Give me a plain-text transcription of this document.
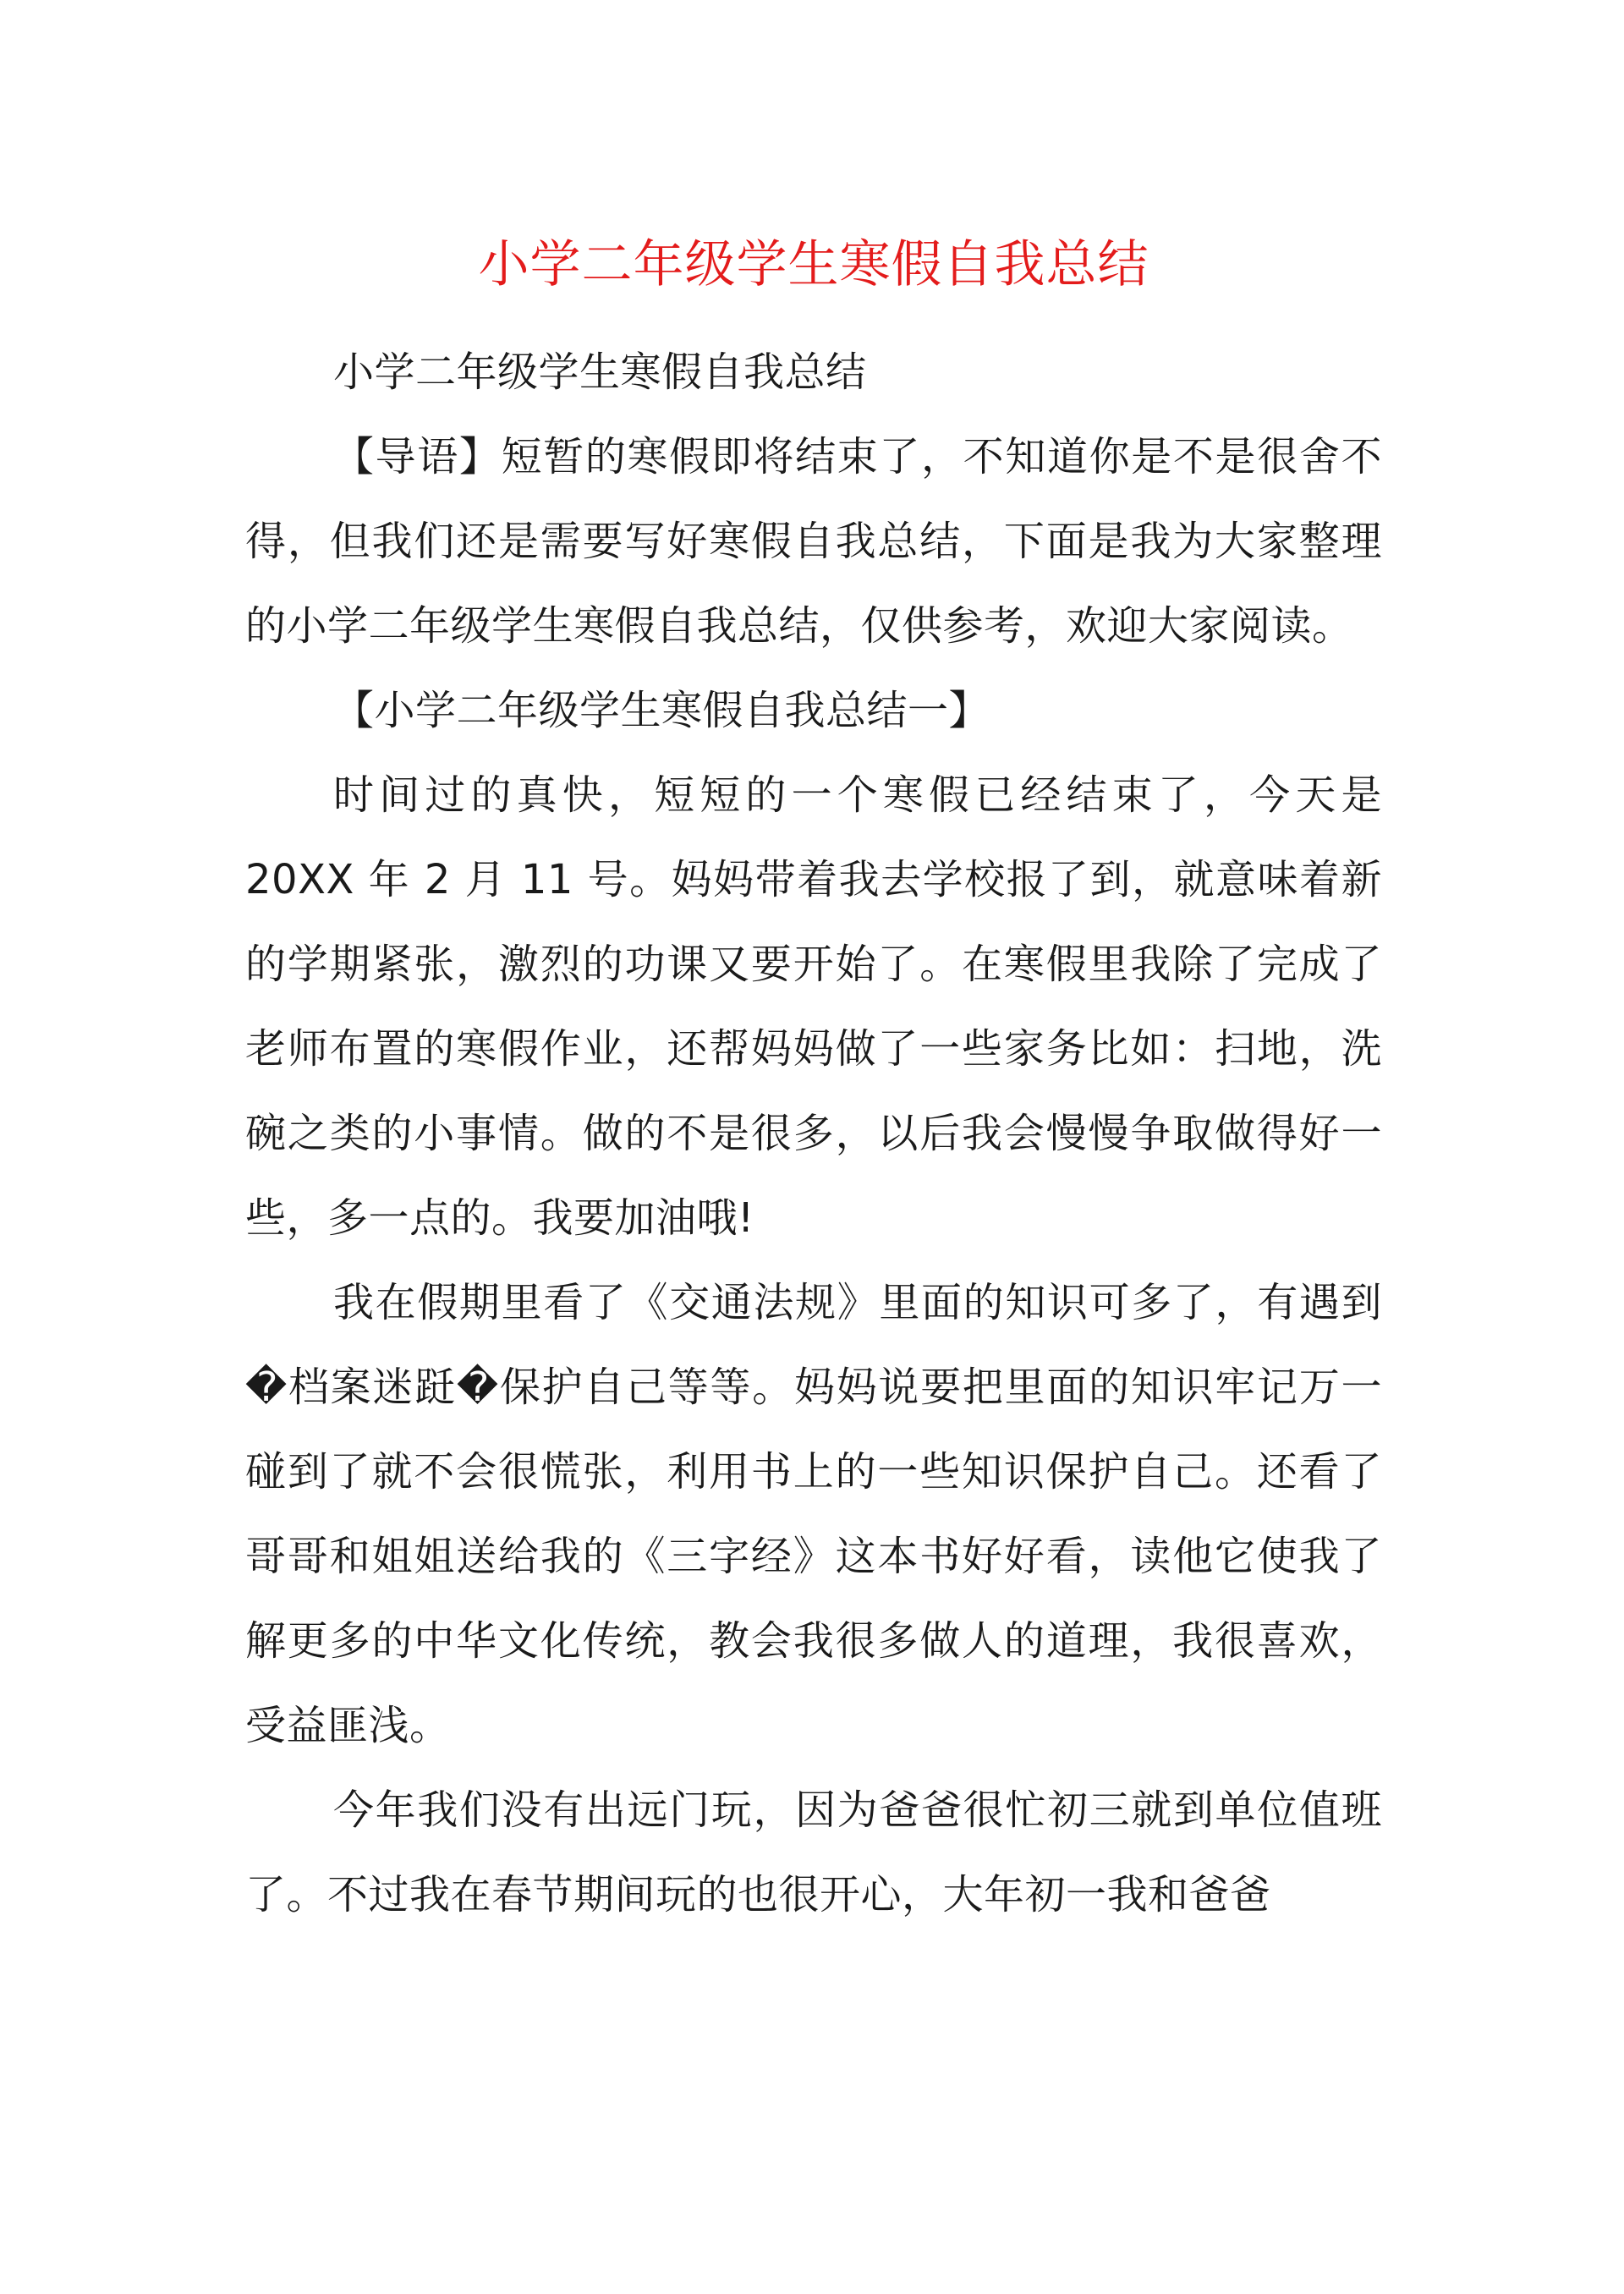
小学二年级学生寒假自我总结

小学二年级学生寒假自我总结

【导语】短暂的寒假即将结束了，不知道你是不是很舍不得，但我们还是需要写好寒假自我总结，下面是我为大家整理的小学二年级学生寒假自我总结，仅供参考，欢迎大家阅读。

【小学二年级学生寒假自我总结一】

时间过的真快，短短的一个寒假已经结束了，今天是20XX 年 2 月 11 号。妈妈带着我去学校报了到，就意味着新的学期紧张，激烈的功课又要开始了。在寒假里我除了完成了老师布置的寒假作业，还帮妈妈做了一些家务比如：扫地，洗碗之类的小事情。做的不是很多，以后我会慢慢争取做得好一些，多一点的。我要加油哦!

我在假期里看了《交通法规》里面的知识可多了，有遇到�档案迷跹�保护自己等等。妈妈说要把里面的知识牢记万一碰到了就不会很慌张，利用书上的一些知识保护自己。还看了哥哥和姐姐送给我的《三字经》这本书好好看，读他它使我了解更多的中华文化传统，教会我很多做人的道理，我很喜欢，受益匪浅。

今年我们没有出远门玩，因为爸爸很忙初三就到单位值班了。不过我在春节期间玩的也很开心，大年初一我和爸爸
